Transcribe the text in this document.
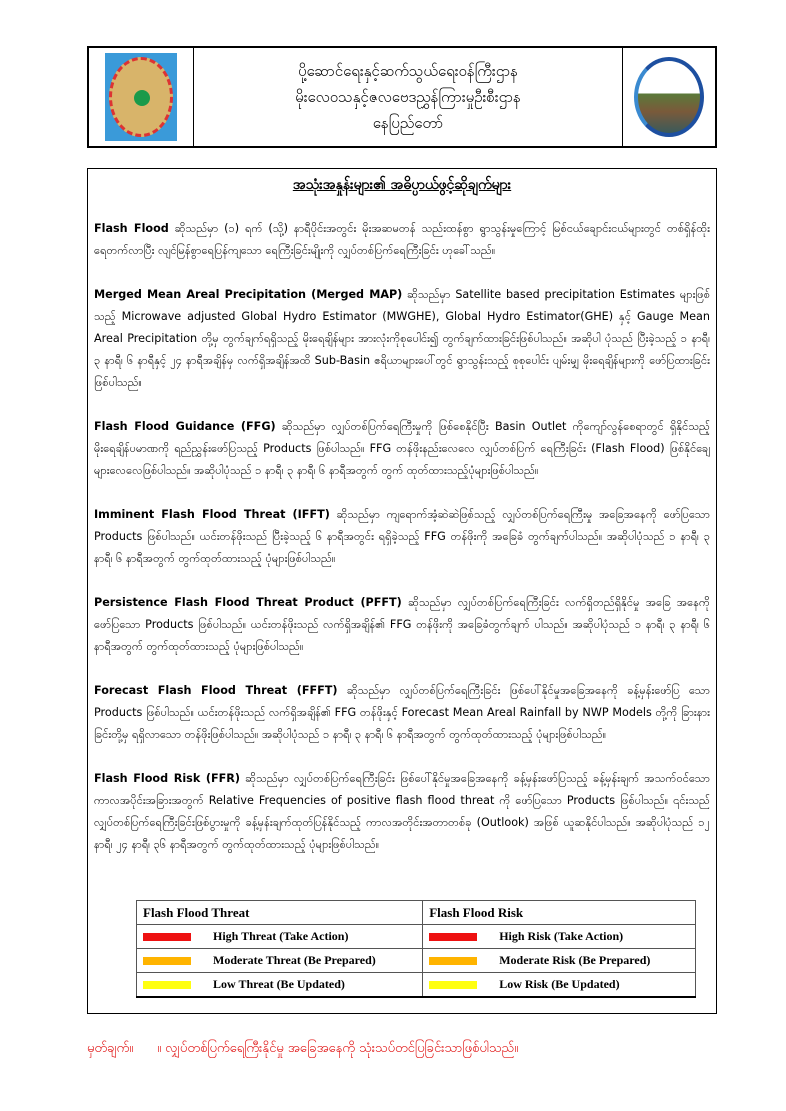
ပို့ဆောင်ရေးနှင့်ဆက်သွယ်ရေးဝန်ကြီးဌာန
မိုးလေဝသနှင့်ဇလဗေဒညွှန်ကြားမှုဦးစီးဌာန
နေပြည်တော်
အသုံးအနှုန်းများ၏ အဓိပ္ပာယ်ဖွင့်ဆိုချက်များ
Flash Flood ဆိုသည်မှာ (၁) ရက် (သို့) နာရီပိုင်းအတွင်း မိုးအဆမတန် သည်းထန်စွာ ရွာသွန်းမှုကြောင့် မြစ်ငယ်ချောင်းငယ်များတွင် တစ်ရှိန်ထိုးရေတက်လာပြီး လျင်မြန်စွာရေပြန်ကျသော ရေကြီးခြင်းမျိုးကို လျှပ်တစ်ပြက်ရေကြီးခြင်း ဟုခေါ်သည်။
Merged Mean Areal Precipitation (Merged MAP) ဆိုသည်မှာ Satellite based precipitation Estimates များဖြစ်သည့် Microwave adjusted Global Hydro Estimator (MWGHE), Global Hydro Estimator(GHE) နှင့် Gauge Mean Areal Precipitation တို့မှ တွက်ချက်ရရှိသည့် မိုးရေချိန်များ အားလုံးကိုစုပေါင်း၍ တွက်ချက်ထားခြင်းဖြစ်ပါသည်။ အဆိုပါ ပုံသည် ပြီးခဲ့သည့် ၁ နာရီ၊ ၃ နာရီ၊ ၆ နာရီနှင့် ၂၄ နာရီအချိန်မှ လက်ရှိအချိန်အထိ Sub-Basin ဧရိယာများပေါ်တွင် ရွာသွန်းသည့် စုစုပေါင်း ပျမ်းမျှ မိုးရေချိန်များကို ဖော်ပြထားခြင်းဖြစ်ပါသည်။
Flash Flood Guidance (FFG) ဆိုသည်မှာ လျှပ်တစ်ပြက်ရေကြီးမှုကို ဖြစ်စေနိုင်ပြီး Basin Outlet ကိုကျော်လွန်စေရာတွင် ရှိနိုင်သည့် မိုးရေချိန်ပမာဏကို ရည်ညွှန်းဖော်ပြသည့် Products ဖြစ်ပါသည်။ FFG တန်ဖိုးနည်းလေလေ လျှပ်တစ်ပြက် ရေကြီးခြင်း (Flash Flood) ဖြစ်နိုင်ချေ များလေလေဖြစ်ပါသည်။ အဆိုပါပုံသည် ၁ နာရီ၊ ၃ နာရီ၊ ၆ နာရီအတွက် တွက် ထုတ်ထားသည့်ပုံများဖြစ်ပါသည်။
Imminent Flash Flood Threat (IFFT) ဆိုသည်မှာ ကျရောက်အံ့ဆဲဆဲဖြစ်သည့် လျှပ်တစ်ပြက်ရေကြီးမှု အခြေအနေကို ဖော်ပြသော Products ဖြစ်ပါသည်။ ယင်းတန်ဖိုးသည် ပြီးခဲ့သည့် ၆ နာရီအတွင်း ရရှိခဲ့သည့် FFG တန်ဖိုးကို အခြေခံ တွက်ချက်ပါသည်။ အဆိုပါပုံသည် ၁ နာရီ၊ ၃ နာရီ၊ ၆ နာရီအတွက် တွက်ထုတ်ထားသည့် ပုံများဖြစ်ပါသည်။
Persistence Flash Flood Threat Product (PFFT) ဆိုသည်မှာ လျှပ်တစ်ပြက်ရေကြီးခြင်း လက်ရှိတည်ရှိနိုင်မှု အခြေ အနေကို ဖော်ပြသော Products ဖြစ်ပါသည်။ ယင်းတန်ဖိုးသည် လက်ရှိအချိန်၏ FFG တန်ဖိုးကို အခြေခံတွက်ချက် ပါသည်။ အဆိုပါပုံသည် ၁ နာရီ၊ ၃ နာရီ၊ ၆ နာရီအတွက် တွက်ထုတ်ထားသည့် ပုံများဖြစ်ပါသည်။
Forecast Flash Flood Threat (FFFT) ဆိုသည်မှာ လျှပ်တစ်ပြက်ရေကြီးခြင်း ဖြစ်ပေါ်နိုင်မှုအခြေအနေကို ခန့်မှန်းဖော်ပြ သော Products ဖြစ်ပါသည်။ ယင်းတန်ဖိုးသည် လက်ရှိအချိန်၏ FFG တန်ဖိုးနှင့် Forecast Mean Areal Rainfall by NWP Models တို့ကို ခြားနားခြင်းတို့မှ ရရှိလာသော တန်ဖိုးဖြစ်ပါသည်။ အဆိုပါပုံသည် ၁ နာရီ၊ ၃ နာရီ၊ ၆ နာရီအတွက် တွက်ထုတ်ထားသည့် ပုံများဖြစ်ပါသည်။
Flash Flood Risk (FFR) ဆိုသည်မှာ လျှပ်တစ်ပြက်ရေကြီးခြင်း ဖြစ်ပေါ်နိုင်မှုအခြေအနေကို ခန့်မှန်းဖော်ပြသည့် ခန့်မှန်းချက် အသက်ဝင်သော ကာလအပိုင်းအခြားအတွက် Relative Frequencies of positive flash flood threat ကို ဖော်ပြသော Products ဖြစ်ပါသည်။ ၎င်းသည် လျှပ်တစ်ပြက်ရေကြီးခြင်းဖြစ်ပွားမှုကို ခန့်မှန်းချက်ထုတ်ပြန်နိုင်သည့် ကာလအတိုင်းအတာတစ်ခု (Outlook) အဖြစ် ယူဆနိုင်ပါသည်။ အဆိုပါပုံသည် ၁၂ နာရီ၊ ၂၄ နာရီ၊ ၃၆ နာရီအတွက် တွက်ထုတ်ထားသည့် ပုံများဖြစ်ပါသည်။
Flash Flood Threat	Flash Flood Risk
High Threat (Take Action)	High Risk (Take Action)
Moderate Threat (Be Prepared)	Moderate Risk (Be Prepared)
Low Threat (Be Updated)	Low Risk (Be Updated)
မှတ်ချက်။ ။ လျှပ်တစ်ပြက်ရေကြီးနိုင်မှု အခြေအနေကို သုံးသပ်တင်ပြခြင်းသာဖြစ်ပါသည်။
